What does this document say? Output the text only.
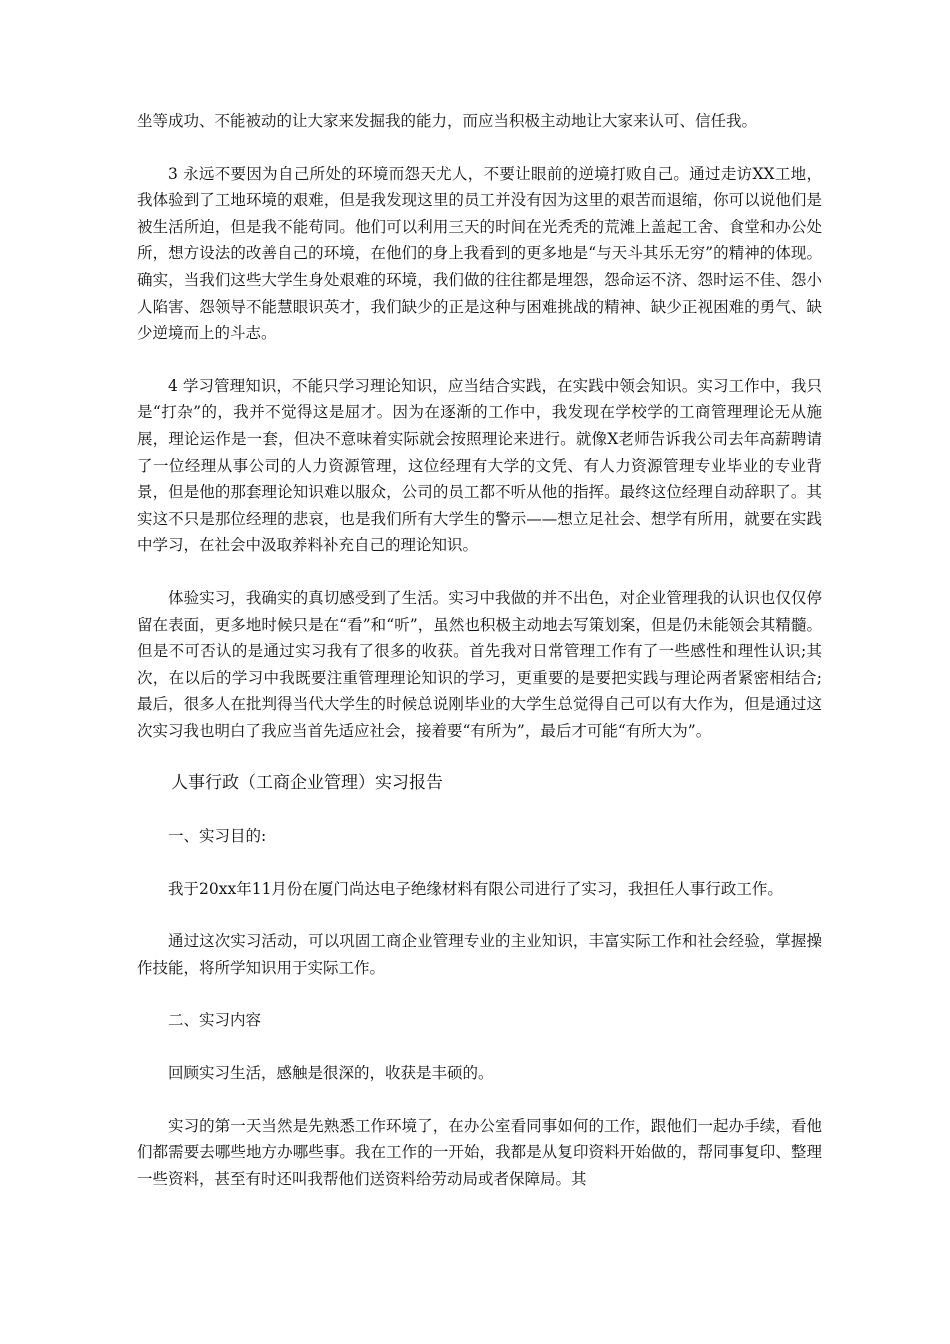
坐等成功、不能被动的让大家来发掘我的能力，而应当积极主动地让大家来认可、信任我。

3 永远不要因为自己所处的环境而怨天尤人，不要让眼前的逆境打败自己。通过走访XX工地，我体验到了工地环境的艰难，但是我发现这里的员工并没有因为这里的艰苦而退缩，你可以说他们是被生活所迫，但是我不能苟同。他们可以利用三天的时间在光秃秃的荒滩上盖起工舍、食堂和办公处所，想方设法的改善自己的环境，在他们的身上我看到的更多地是“与天斗其乐无穷”的精神的体现。确实，当我们这些大学生身处艰难的环境，我们做的往往都是埋怨，怨命运不济、怨时运不佳、怨小人陷害、怨领导不能慧眼识英才，我们缺少的正是这种与困难挑战的精神、缺少正视困难的勇气、缺少逆境而上的斗志。

4 学习管理知识，不能只学习理论知识，应当结合实践，在实践中领会知识。实习工作中，我只是“打杂”的，我并不觉得这是屈才。因为在逐渐的工作中，我发现在学校学的工商管理理论无从施展，理论运作是一套，但决不意味着实际就会按照理论来进行。就像X老师告诉我公司去年高薪聘请了一位经理从事公司的人力资源管理，这位经理有大学的文凭、有人力资源管理专业毕业的专业背景，但是他的那套理论知识难以服众，公司的员工都不听从他的指挥。最终这位经理自动辞职了。其实这不只是那位经理的悲哀，也是我们所有大学生的警示——想立足社会、想学有所用，就要在实践中学习，在社会中汲取养料补充自己的理论知识。

体验实习，我确实的真切感受到了生活。实习中我做的并不出色，对企业管理我的认识也仅仅停留在表面，更多地时候只是在“看”和“听”，虽然也积极主动地去写策划案，但是仍未能领会其精髓。但是不可否认的是通过实习我有了很多的收获。首先我对日常管理工作有了一些感性和理性认识;其次，在以后的学习中我既要注重管理理论知识的学习，更重要的是要把实践与理论两者紧密相结合;最后，很多人在批判得当代大学生的时候总说刚毕业的大学生总觉得自己可以有大作为，但是通过这次实习我也明白了我应当首先适应社会，接着要“有所为”，最后才可能“有所大为”。

人事行政（工商企业管理）实习报告

一、实习目的:

我于20xx年11月份在厦门尚达电子绝缘材料有限公司进行了实习，我担任人事行政工作。

通过这次实习活动，可以巩固工商企业管理专业的主业知识，丰富实际工作和社会经验，掌握操作技能，将所学知识用于实际工作。

二、实习内容

回顾实习生活，感触是很深的，收获是丰硕的。

实习的第一天当然是先熟悉工作环境了，在办公室看同事如何的工作，跟他们一起办手续，看他们都需要去哪些地方办哪些事。我在工作的一开始，我都是从复印资料开始做的，帮同事复印、整理一些资料，甚至有时还叫我帮他们送资料给劳动局或者保障局。其
